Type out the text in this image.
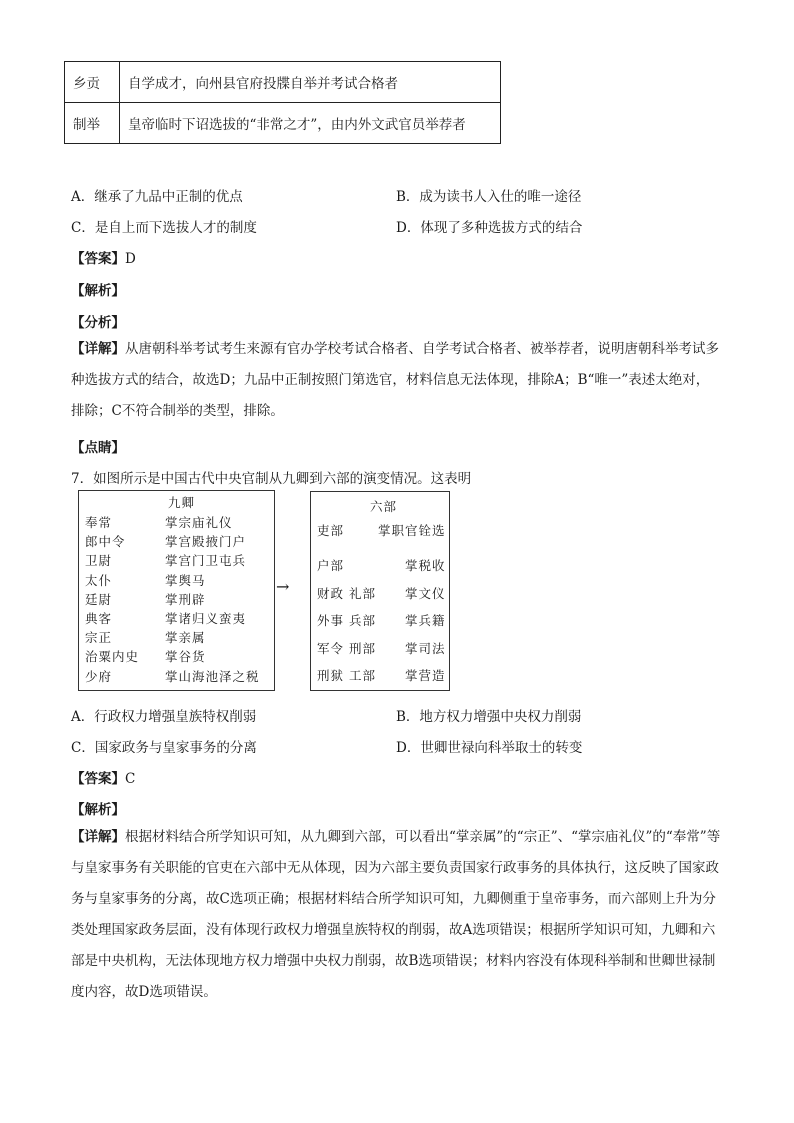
乡贡	自学成才，向州县官府投牒自举并考试合格者
制举	皇帝临时下诏选拔的“非常之才”，由内外文武官员举荐者
A．继承了九品中正制的优点	B．成为读书人入仕的唯一途径
C．是自上而下选拔人才的制度	D．体现了多种选拔方式的结合
【答案】D
【解析】
【分析】
【详解】从唐朝科举考试考生来源有官办学校考试合格者、自学考试合格者、被举荐者，说明唐朝科举考试多种选拔方式的结合，故选D；九品中正制按照门第选官，材料信息无法体现，排除A；B“唯一”表述太绝对，排除；C不符合制举的类型，排除。
【点睛】
7．如图所示是中国古代中央官制从九卿到六部的演变情况。这表明
九卿
奉常	掌宗庙礼仪
郎中令	掌宫殿掖门户
卫尉	掌宫门卫屯兵
太仆	掌舆马
廷尉	掌刑辟
典客	掌诸归义蛮夷
宗正	掌亲属
治粟内史 掌谷货
少府	掌山海池泽之税
→
六部
吏部	掌职官铨选
户部	掌税收
财政 礼部 掌文仪
外事 兵部 掌兵籍
军令 刑部 掌司法
刑狱 工部 掌营造
A．行政权力增强皇族特权削弱	B．地方权力增强中央权力削弱
C．国家政务与皇家事务的分离	D．世卿世禄向科举取士的转变
【答案】C
【解析】
【详解】根据材料结合所学知识可知，从九卿到六部，可以看出“掌亲属”的“宗正”、“掌宗庙礼仪”的“奉常”等与皇家事务有关职能的官吏在六部中无从体现，因为六部主要负责国家行政事务的具体执行，这反映了国家政务与皇家事务的分离，故C选项正确；根据材料结合所学知识可知，九卿侧重于皇帝事务，而六部则上升为分类处理国家政务层面，没有体现行政权力增强皇族特权的削弱，故A选项错误；根据所学知识可知，九卿和六部是中央机构，无法体现地方权力增强中央权力削弱，故B选项错误；材料内容没有体现科举制和世卿世禄制度内容，故D选项错误。
